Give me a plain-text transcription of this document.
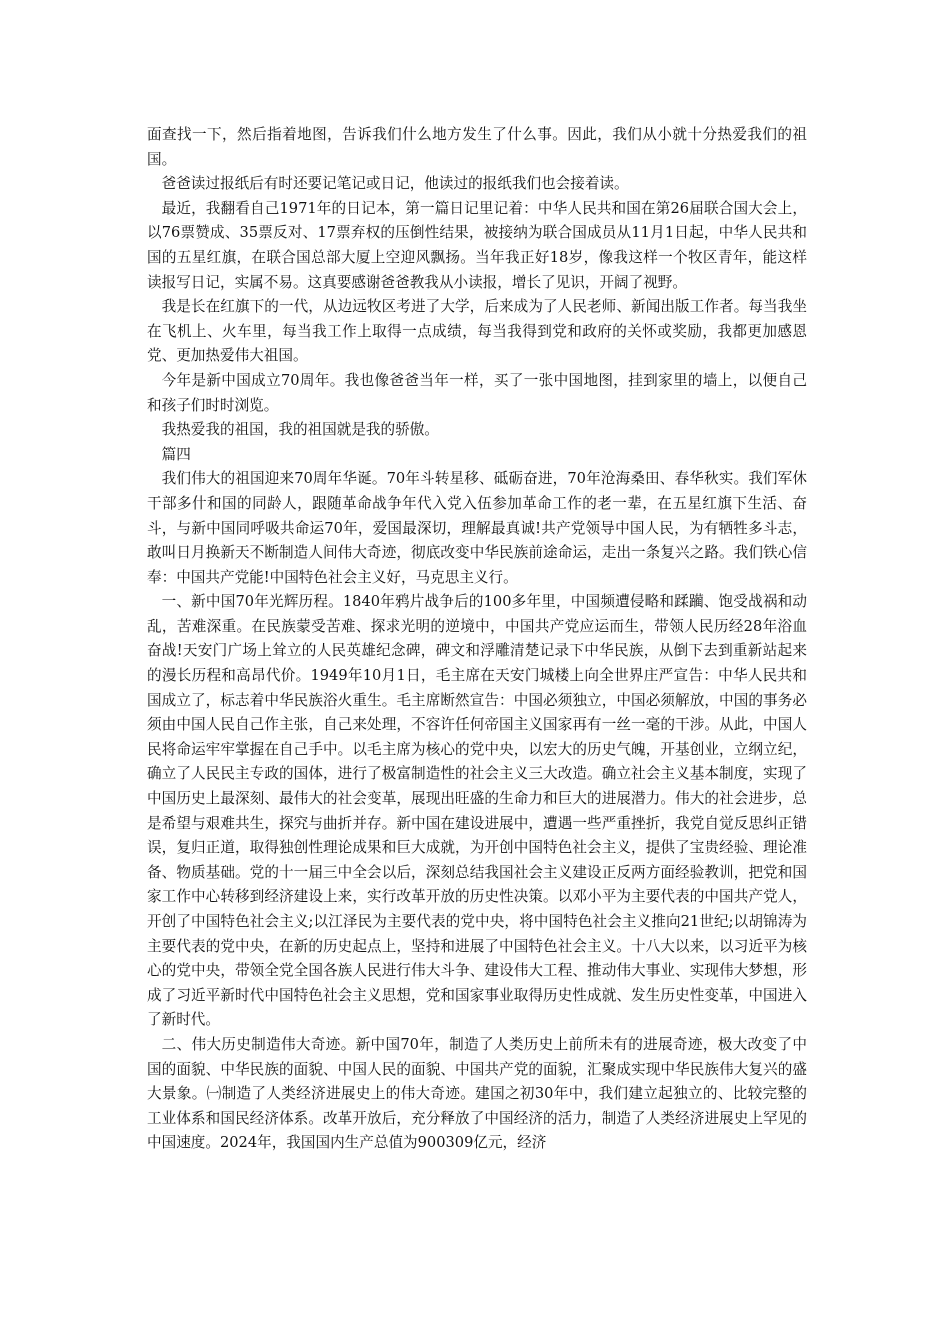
面查找一下，然后指着地图，告诉我们什么地方发生了什么事。因此，我们从小就十分热爱我们的祖国。

爸爸读过报纸后有时还要记笔记或日记，他读过的报纸我们也会接着读。

最近，我翻看自己1971年的日记本，第一篇日记里记着：中华人民共和国在第26届联合国大会上，以76票赞成、35票反对、17票弃权的压倒性结果，被接纳为联合国成员从11月1日起，中华人民共和国的五星红旗，在联合国总部大厦上空迎风飘扬。当年我正好18岁，像我这样一个牧区青年，能这样读报写日记，实属不易。这真要感谢爸爸教我从小读报，增长了见识，开阔了视野。

我是长在红旗下的一代，从边远牧区考进了大学，后来成为了人民老师、新闻出版工作者。每当我坐在飞机上、火车里，每当我工作上取得一点成绩，每当我得到党和政府的关怀或奖励，我都更加感恩党、更加热爱伟大祖国。

今年是新中国成立70周年。我也像爸爸当年一样，买了一张中国地图，挂到家里的墙上，以便自己和孩子们时时浏览。

我热爱我的祖国，我的祖国就是我的骄傲。

篇四

我们伟大的祖国迎来70周年华诞。70年斗转星移、砥砺奋进，70年沧海桑田、春华秋实。我们军休干部多什和国的同龄人，跟随革命战争年代入党入伍参加革命工作的老一辈，在五星红旗下生活、奋斗，与新中国同呼吸共命运70年，爱国最深切，理解最真诚!共产党领导中国人民，为有牺牲多斗志，敢叫日月换新天不断制造人间伟大奇迹，彻底改变中华民族前途命运，走出一条复兴之路。我们铁心信奉：中国共产党能!中国特色社会主义好，马克思主义行。

一、新中国70年光辉历程。1840年鸦片战争后的100多年里，中国频遭侵略和蹂躏、饱受战祸和动乱，苦难深重。在民族蒙受苦难、探求光明的逆境中，中国共产党应运而生，带领人民历经28年浴血奋战!天安门广场上耸立的人民英雄纪念碑，碑文和浮雕清楚记录下中华民族，从倒下去到重新站起来的漫长历程和高昂代价。1949年10月1日，毛主席在天安门城楼上向全世界庄严宣告：中华人民共和国成立了，标志着中华民族浴火重生。毛主席断然宣告：中国必须独立，中国必须解放，中国的事务必须由中国人民自己作主张，自己来处理，不容许任何帝国主义国家再有一丝一毫的干涉。从此，中国人民将命运牢牢掌握在自己手中。以毛主席为核心的党中央，以宏大的历史气魄，开基创业，立纲立纪，确立了人民民主专政的国体，进行了极富制造性的社会主义三大改造。确立社会主义基本制度，实现了中国历史上最深刻、最伟大的社会变革，展现出旺盛的生命力和巨大的进展潜力。伟大的社会进步，总是希望与艰难共生，探究与曲折并存。新中国在建设进展中，遭遇一些严重挫折，我党自觉反思纠正错误，复归正道，取得独创性理论成果和巨大成就，为开创中国特色社会主义，提供了宝贵经验、理论准备、物质基础。党的十一届三中全会以后，深刻总结我国社会主义建设正反两方面经验教训，把党和国家工作中心转移到经济建设上来，实行改革开放的历史性决策。以邓小平为主要代表的中国共产党人，开创了中国特色社会主义;以江泽民为主要代表的党中央，将中国特色社会主义推向21世纪;以胡锦涛为主要代表的党中央，在新的历史起点上，坚持和进展了中国特色社会主义。十八大以来，以习近平为核心的党中央，带领全党全国各族人民进行伟大斗争、建设伟大工程、推动伟大事业、实现伟大梦想，形成了习近平新时代中国特色社会主义思想，党和国家事业取得历史性成就、发生历史性变革，中国进入了新时代。

二、伟大历史制造伟大奇迹。新中国70年，制造了人类历史上前所未有的进展奇迹，极大改变了中国的面貌、中华民族的面貌、中国人民的面貌、中国共产党的面貌，汇聚成实现中华民族伟大复兴的盛大景象。㈠制造了人类经济进展史上的伟大奇迹。建国之初30年中，我们建立起独立的、比较完整的工业体系和国民经济体系。改革开放后，充分释放了中国经济的活力，制造了人类经济进展史上罕见的中国速度。2024年，我国国内生产总值为900309亿元，经济
